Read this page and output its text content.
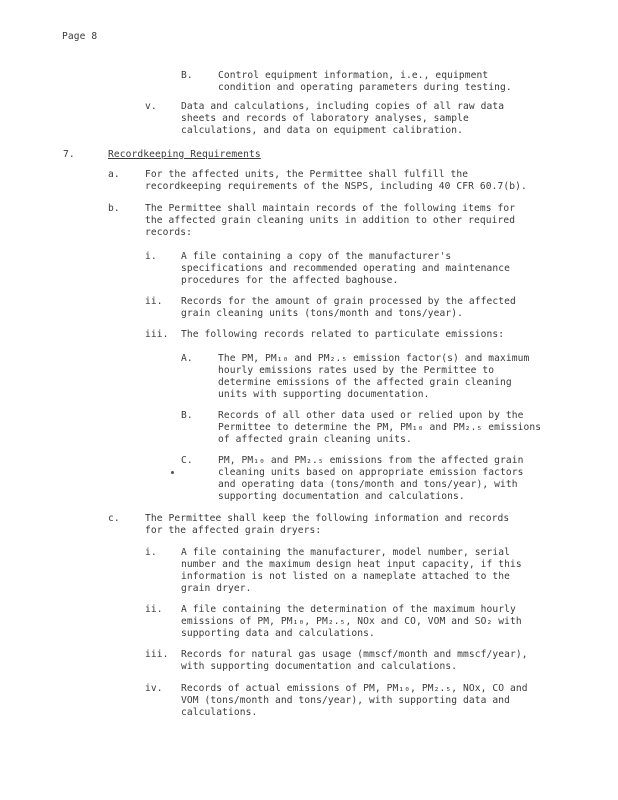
Page 8
B.	Control equipment information, i.e., equipment
condition and operating parameters during testing.
v.	Data and calculations, including copies of all raw data
sheets and records of laboratory analyses, sample
calculations, and data on equipment calibration.
7.	Recordkeeping Requirements
a.	For the affected units, the Permittee shall fulfill the
recordkeeping requirements of the NSPS, including 40 CFR 60.7(b).
b.	The Permittee shall maintain records of the following items for
the affected grain cleaning units in addition to other required
records:
i.	A file containing a copy of the manufacturer's
specifications and recommended operating and maintenance
procedures for the affected baghouse.
ii. Records for the amount of grain processed by the affected
grain cleaning units (tons/month and tons/year).
iii. The following records related to particulate emissions:
A.	The PM, PM₁₀ and PM₂.₅ emission factor(s) and maximum
hourly emissions rates used by the Permittee to
determine emissions of the affected grain cleaning
units with supporting documentation.
B.	Records of all other data used or relied upon by the
Permittee to determine the PM, PM₁₀ and PM₂.₅ emissions
of affected grain cleaning units.
C.	PM, PM₁₀ and PM₂.₅ emissions from the affected grain
cleaning units based on appropriate emission factors
and operating data (tons/month and tons/year), with
supporting documentation and calculations.
c.	The Permittee shall keep the following information and records
for the affected grain dryers:
i.	A file containing the manufacturer, model number, serial
number and the maximum design heat input capacity, if this
information is not listed on a nameplate attached to the
grain dryer.
ii. A file containing the determination of the maximum hourly
emissions of PM, PM₁₀, PM₂.₅, NOx and CO, VOM and SO₂ with
supporting data and calculations.
iii. Records for natural gas usage (mmscf/month and mmscf/year),
with supporting documentation and calculations.
iv. Records of actual emissions of PM, PM₁₀, PM₂.₅, NOx, CO and
VOM (tons/month and tons/year), with supporting data and
calculations.
